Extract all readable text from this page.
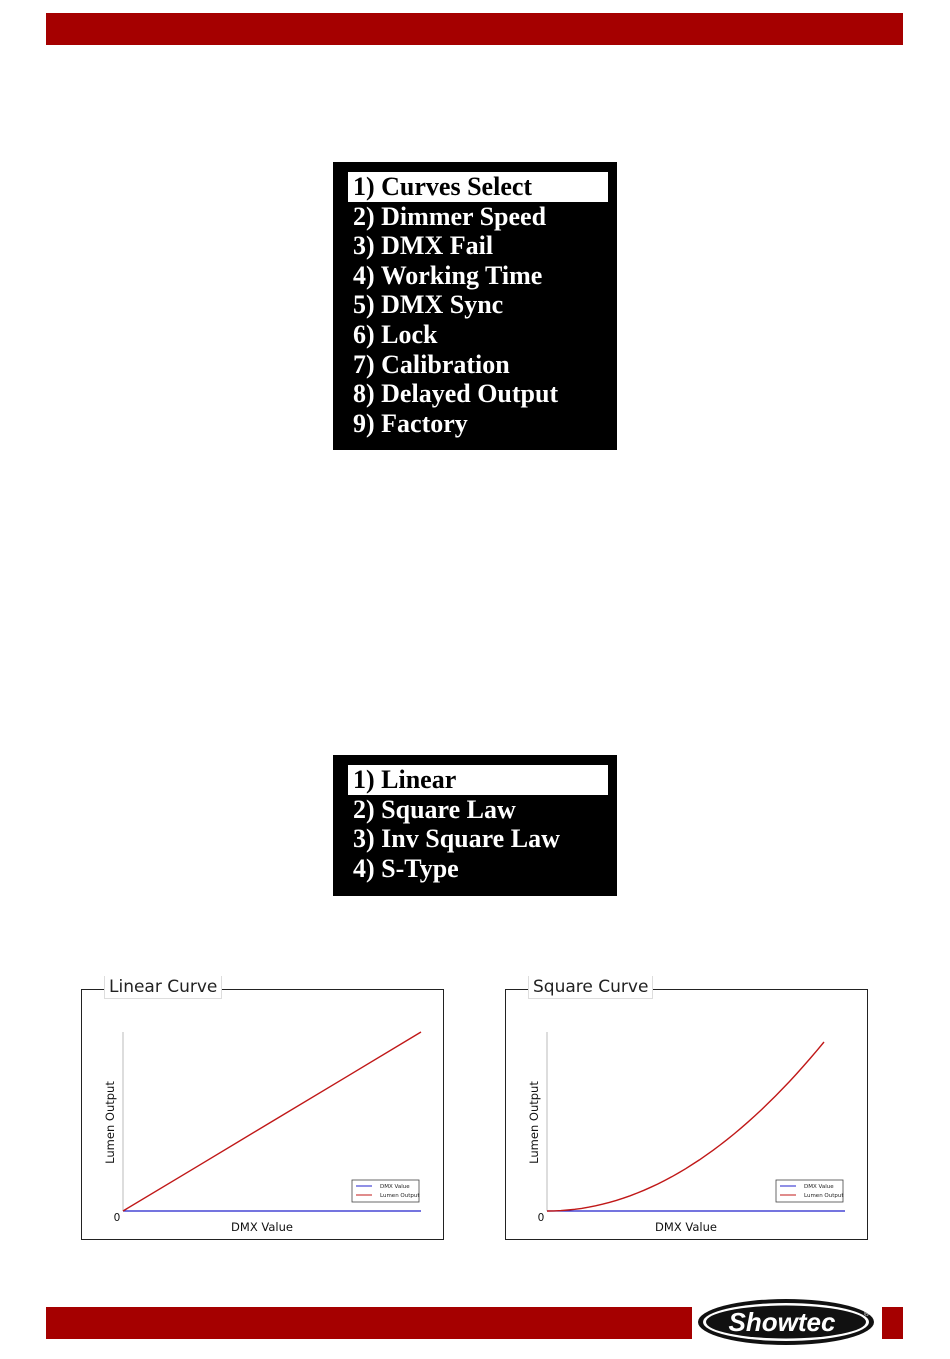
1) Curves Select
2) Dimmer Speed
3) DMX Fail
4) Working Time
5) DMX Sync
6) Lock
7) Calibration
8) Delayed Output
9) Factory
1) Linear
2) Square Law
3) Inv Square Law
4) S-Type
Linear Curve
DMX Value
Lumen Output
0
DMX Value
Lumen Output
Square Curve
DMX Value
Lumen Output
0
DMX Value
Lumen Output
Showtec	®
